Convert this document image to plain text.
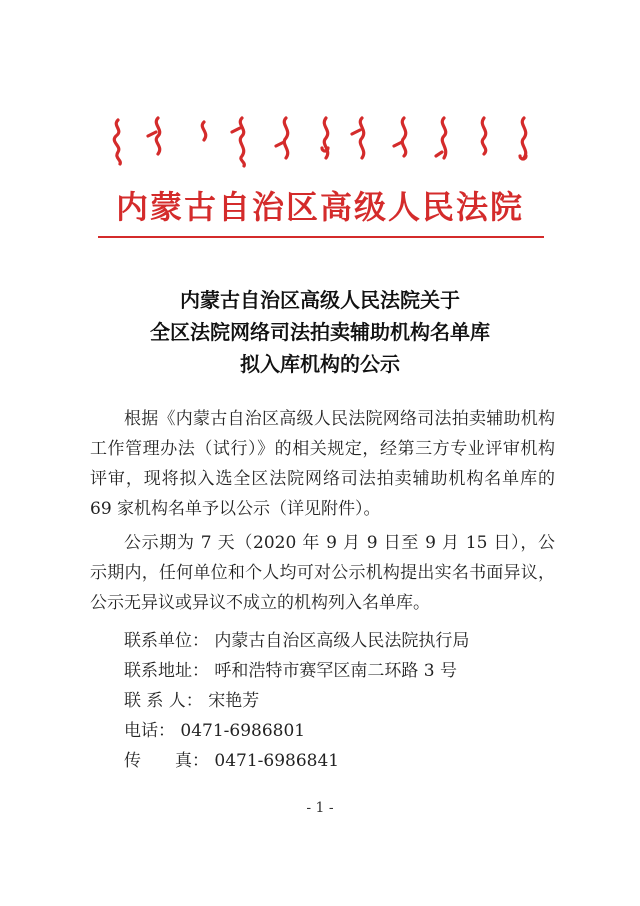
内蒙古自治区高级人民法院
内蒙古自治区高级人民法院关于
全区法院网络司法拍卖辅助机构名单库
拟入库机构的公示
根据《内蒙古自治区高级人民法院网络司法拍卖辅助机构工作管理办法（试行）》的相关规定，经第三方专业评审机构评审，现将拟入选全区法院网络司法拍卖辅助机构名单库的 69 家机构名单予以公示（详见附件）。
公示期为 7 天（2020 年 9 月 9 日至 9 月 15 日），公示期内，任何单位和个人均可对公示机构提出实名书面异议，公示无异议或异议不成立的机构列入名单库。
联系单位： 内蒙古自治区高级人民法院执行局
联系地址： 呼和浩特市赛罕区南二环路 3 号
联 系 人： 宋艳芳
电话： 0471-6986801
传　　真： 0471-6986841
- 1 -
